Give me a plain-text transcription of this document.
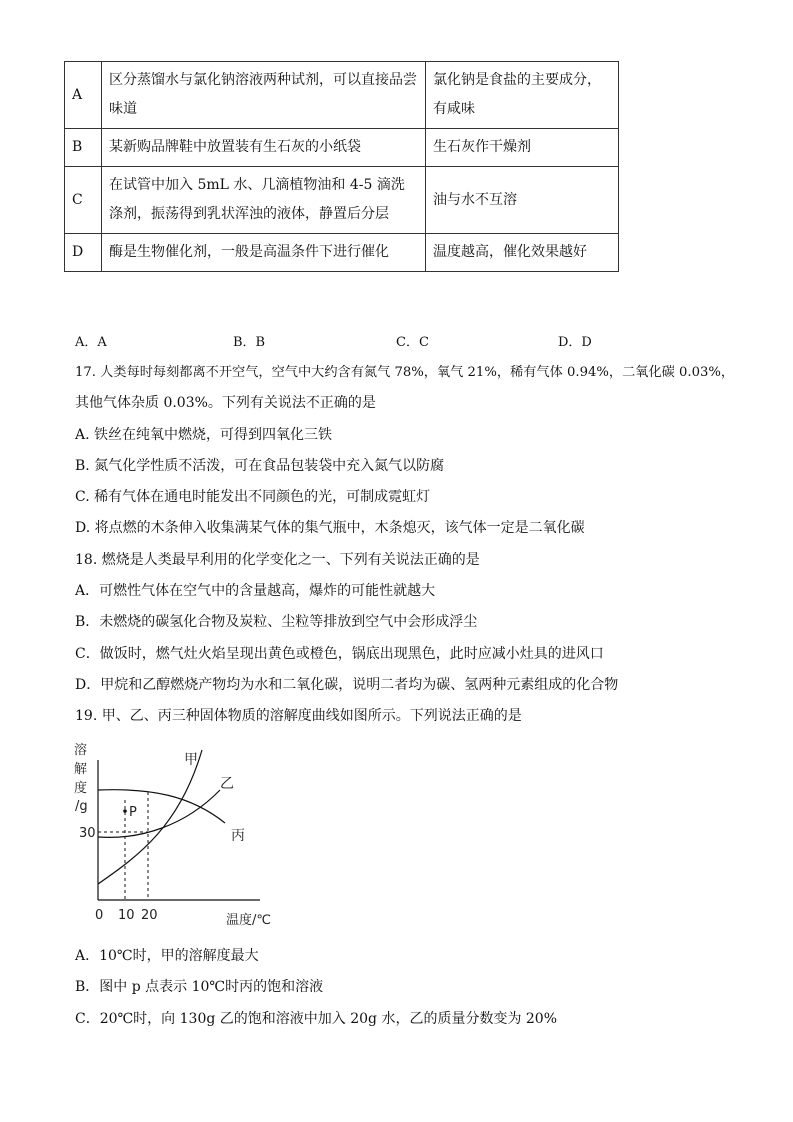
A	区分蒸馏水与氯化钠溶液两种试剂，可以直接品尝味道	氯化钠是食盐的主要成分，有咸味
B	某新购品牌鞋中放置装有生石灰的小纸袋	生石灰作干燥剂
C	在试管中加入 5mL 水、几滴植物油和 4-5 滴洗涤剂，振荡得到乳状浑浊的液体，静置后分层	油与水不互溶
D	酶是生物催化剂，一般是高温条件下进行催化	温度越高，催化效果越好
A．A	B．B	C．C	D．D
17. 人类每时每刻都离不开空气，空气中大约含有氮气 78%，氧气 21%，稀有气体 0.94%，二氧化碳 0.03%，
其他气体杂质 0.03%。下列有关说法不正确的是
A. 铁丝在纯氧中燃烧，可得到四氧化三铁
B. 氮气化学性质不活泼，可在食品包装袋中充入氮气以防腐
C. 稀有气体在通电时能发出不同颜色的光，可制成霓虹灯
D. 将点燃的木条伸入收集满某气体的集气瓶中，木条熄灭，该气体一定是二氧化碳
18. 燃烧是人类最早利用的化学变化之一、下列有关说法正确的是
A．可燃性气体在空气中的含量越高，爆炸的可能性就越大
B．未燃烧的碳氢化合物及炭粒、尘粒等排放到空气中会形成浮尘
C．做饭时，燃气灶火焰呈现出黄色或橙色，锅底出现黑色，此时应减小灶具的进风口
D．甲烷和乙醇燃烧产物均为水和二氧化碳，说明二者均为碳、氢两种元素组成的化合物
19. 甲、乙、丙三种固体物质的溶解度曲线如图所示。下列说法正确的是
溶
解
度
/g	P
甲
乙
丙
30
0 10 20	温度/℃
A．10℃时，甲的溶解度最大
B．图中 p 点表示 10℃时丙的饱和溶液
C．20℃时，向 130g 乙的饱和溶液中加入 20g 水，乙的质量分数变为 20%
